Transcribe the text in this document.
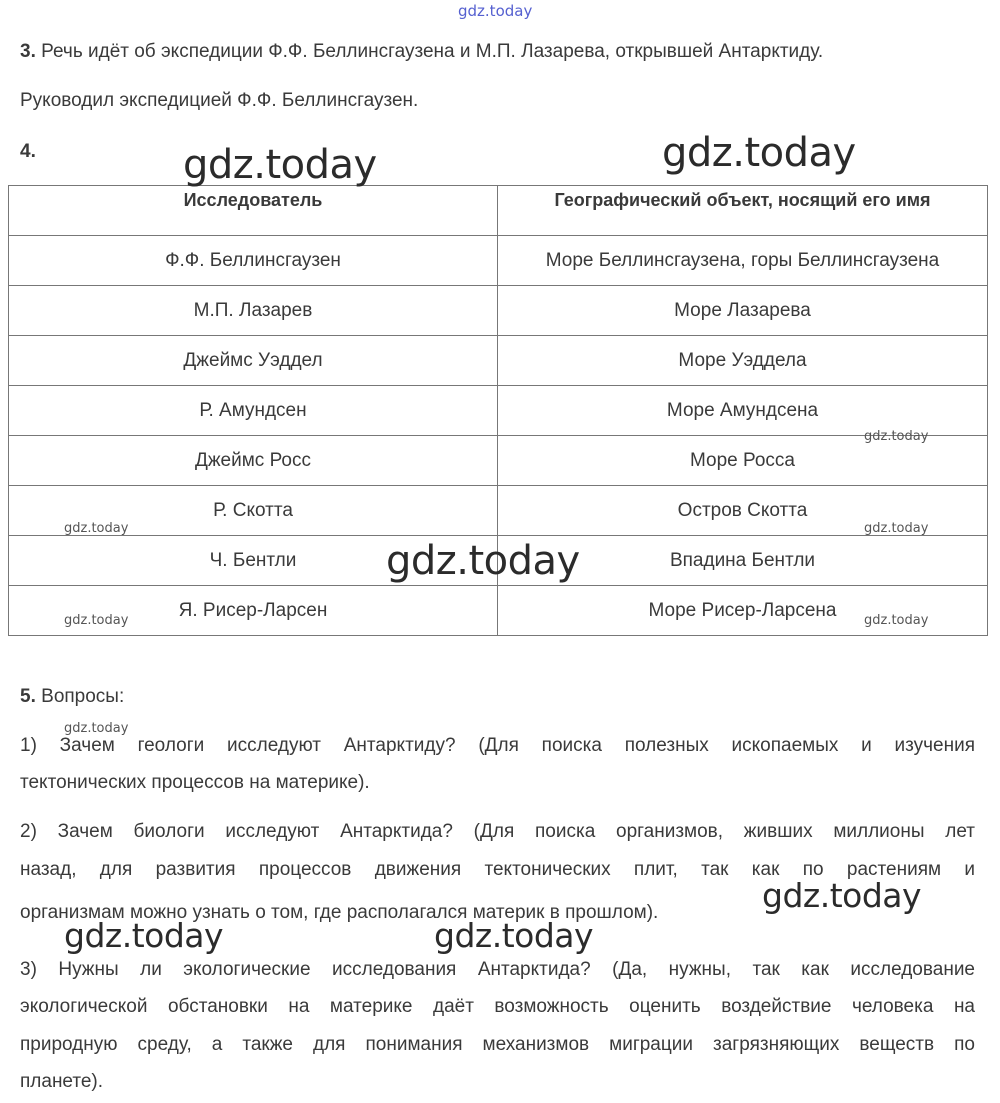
gdz.today
3. Речь идёт об экспедиции Ф.Ф. Беллинсгаузена и М.П. Лазарева, открывшей Антарктиду.
Руководил экспедицией Ф.Ф. Беллинсгаузен.
4.
Исследователь	Географический объект, носящий его имя
Ф.Ф. Беллинсгаузен	Море Беллинсгаузена, горы Беллинсгаузена
М.П. Лазарев	Море Лазарева
Джеймс Уэддел	Море Уэддела
Р. Амундсен	Море Амундсена
Джеймс Росс	Море Росса
Р. Скотта	Остров Скотта
Ч. Бентли	Впадина Бентли
Я. Рисер-Ларсен	Море Рисер-Ларсена
5. Вопросы:
1) Зачем геологи исследуют Антарктиду? (Для поиска полезных ископаемых и изучения
тектонических процессов на материке).
2) Зачем биологи исследуют Антарктида? (Для поиска организмов, живших миллионы лет
назад, для развития процессов движения тектонических плит, так как по растениям и
организмам можно узнать о том, где располагался материк в прошлом).
3) Нужны ли экологические исследования Антарктида? (Да, нужны, так как исследование
экологической обстановки на материке даёт возможность оценить воздействие человека на
природную среду, а также для понимания механизмов миграции загрязняющих веществ по
планете).
gdz.today	gdz.today
gdz.today
gdz.today
gdz.today	gdz.today
gdz.today
gdz.today	gdz.today
gdz.today	gdz.today
gdz.today
